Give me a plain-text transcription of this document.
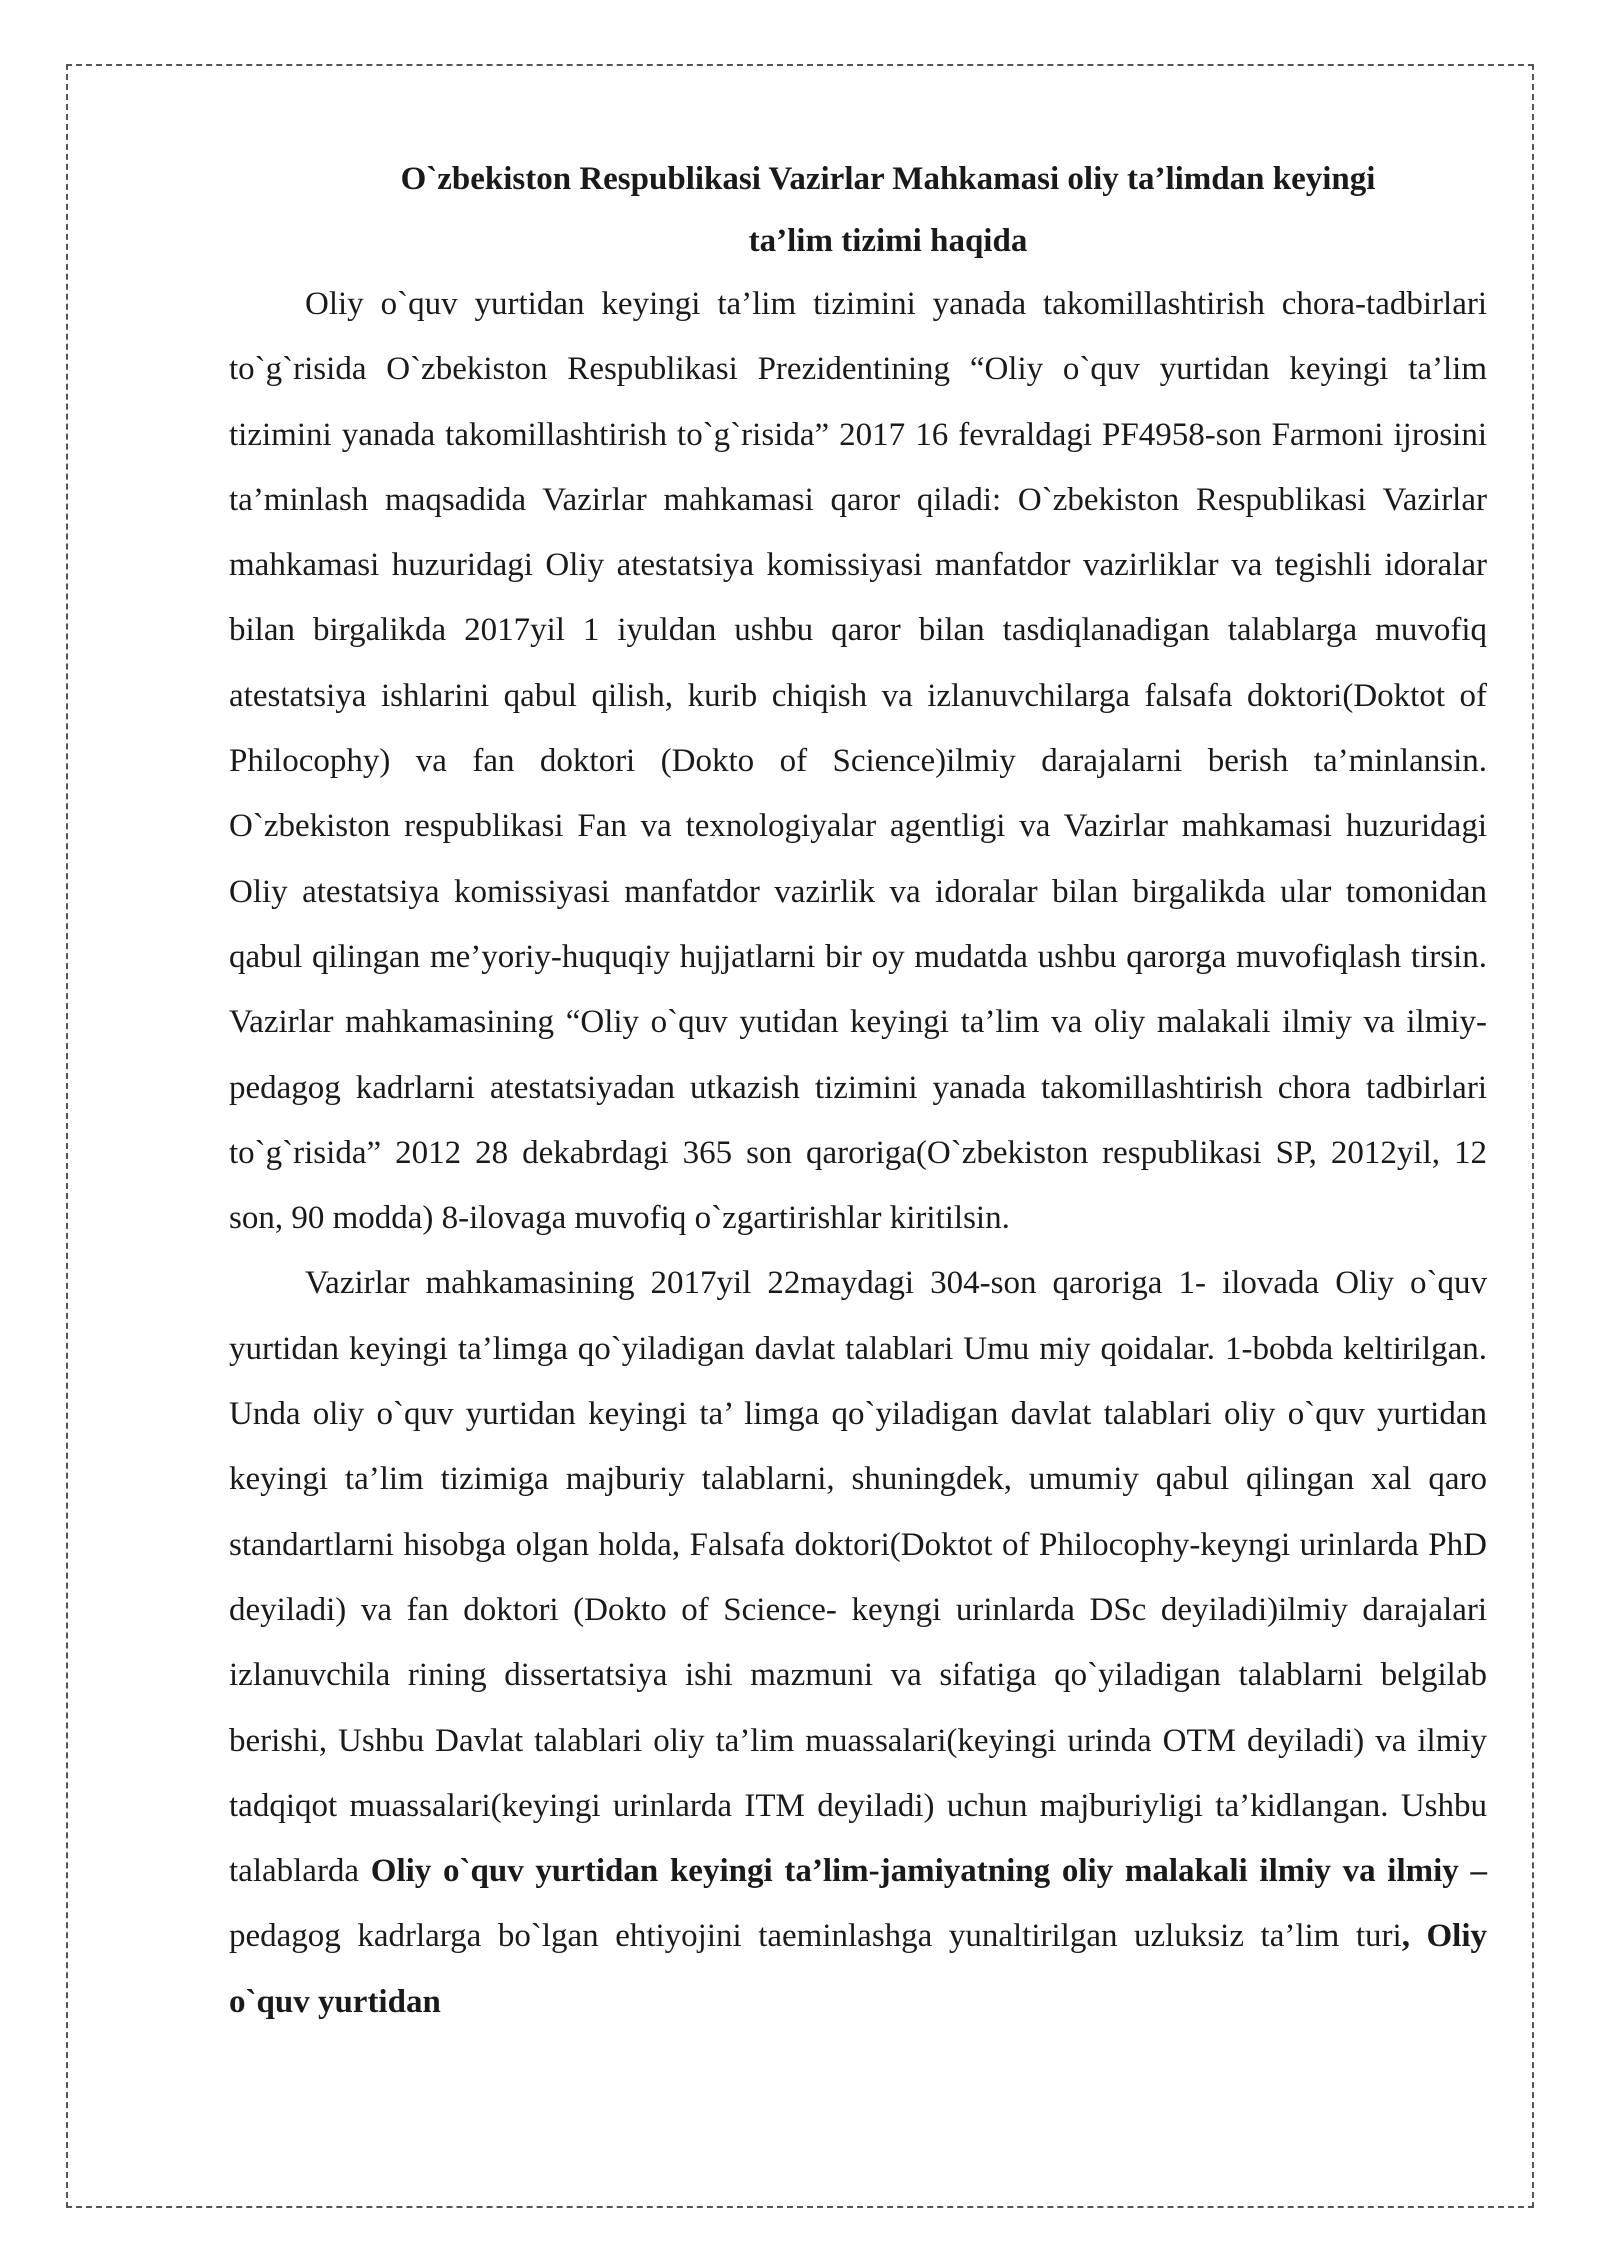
O`zbekiston Respublikasi Vazirlar Mahkamasi oliy ta’limdan keyingi
ta’lim tizimi haqida

Oliy o`quv yurtidan keyingi ta’lim tizimini yanada takomillashtirish chora-tadbirlari to`g`risida O`zbekiston Respublikasi Prezidentining “Oliy o`quv yurtidan keyingi ta’lim tizimini yanada takomillashtirish to`g`risida” 2017 16 fevraldagi PF4958-son Farmoni ijrosini ta’minlash maqsadida Vazirlar mahkamasi qaror qiladi: O`zbekiston Respublikasi Vazirlar mahkamasi huzuridagi Oliy atestatsiya komissiyasi manfatdor vazirliklar va tegishli idoralar bilan birgalikda 2017yil 1 iyuldan ushbu qaror bilan tasdiqlanadigan talablarga muvofiq atestatsiya ishlarini qabul qilish, kurib chiqish va izlanuvchilarga falsafa doktori(Doktot of Philocophy) va fan doktori (Dokto of Science)ilmiy darajalarni berish ta’minlansin. O`zbekiston respublikasi Fan va texnologiyalar agentligi va Vazirlar mahkamasi huzuridagi Oliy atestatsiya komissiyasi manfatdor vazirlik va idoralar bilan birgalikda ular tomonidan qabul qilingan me’yoriy-huquqiy hujjatlarni bir oy mudatda ushbu qarorga muvofiqlash tirsin. Vazirlar mahkamasining “Oliy o`quv yutidan keyingi ta’lim va oliy malakali ilmiy va ilmiy-pedagog kadrlarni atestatsiyadan utkazish tizimini yanada takomillashtirish chora tadbirlari to`g`risida” 2012 28 dekabrdagi 365 son qaroriga(O`zbekiston respublikasi SP, 2012yil, 12 son, 90 modda) 8-ilovaga muvofiq o`zgartirishlar kiritilsin.

Vazirlar mahkamasining 2017yil 22maydagi 304-son qaroriga 1- ilovada Oliy o`quv yurtidan keyingi ta’limga qo`yiladigan davlat talablari Umu miy qoidalar. 1-bobda keltirilgan. Unda oliy o`quv yurtidan keyingi ta’ limga qo`yiladigan davlat talablari oliy o`quv yurtidan keyingi ta’lim tizimiga majburiy talablarni, shuningdek, umumiy qabul qilingan xal qaro standartlarni hisobga olgan holda, Falsafa doktori(Doktot of Philocophy-keyngi urinlarda PhD deyiladi) va fan doktori (Dokto of Science- keyngi urinlarda DSc deyiladi)ilmiy darajalari izlanuvchila rining dissertatsiya ishi mazmuni va sifatiga qo`yiladigan talablarni belgilab berishi, Ushbu Davlat talablari oliy ta’lim muassalari(keyingi urinda OTM deyiladi) va ilmiy tadqiqot muassalari(keyingi urinlarda ITM deyiladi) uchun majburiyligi ta’kidlangan. Ushbu talablarda Oliy o`quv yurtidan keyingi ta’lim-jamiyatning oliy malakali ilmiy va ilmiy – pedagog kadrlarga bo`lgan ehtiyojini taeminlashga yunaltirilgan uzluksiz ta’lim turi, Oliy o`quv yurtidan
